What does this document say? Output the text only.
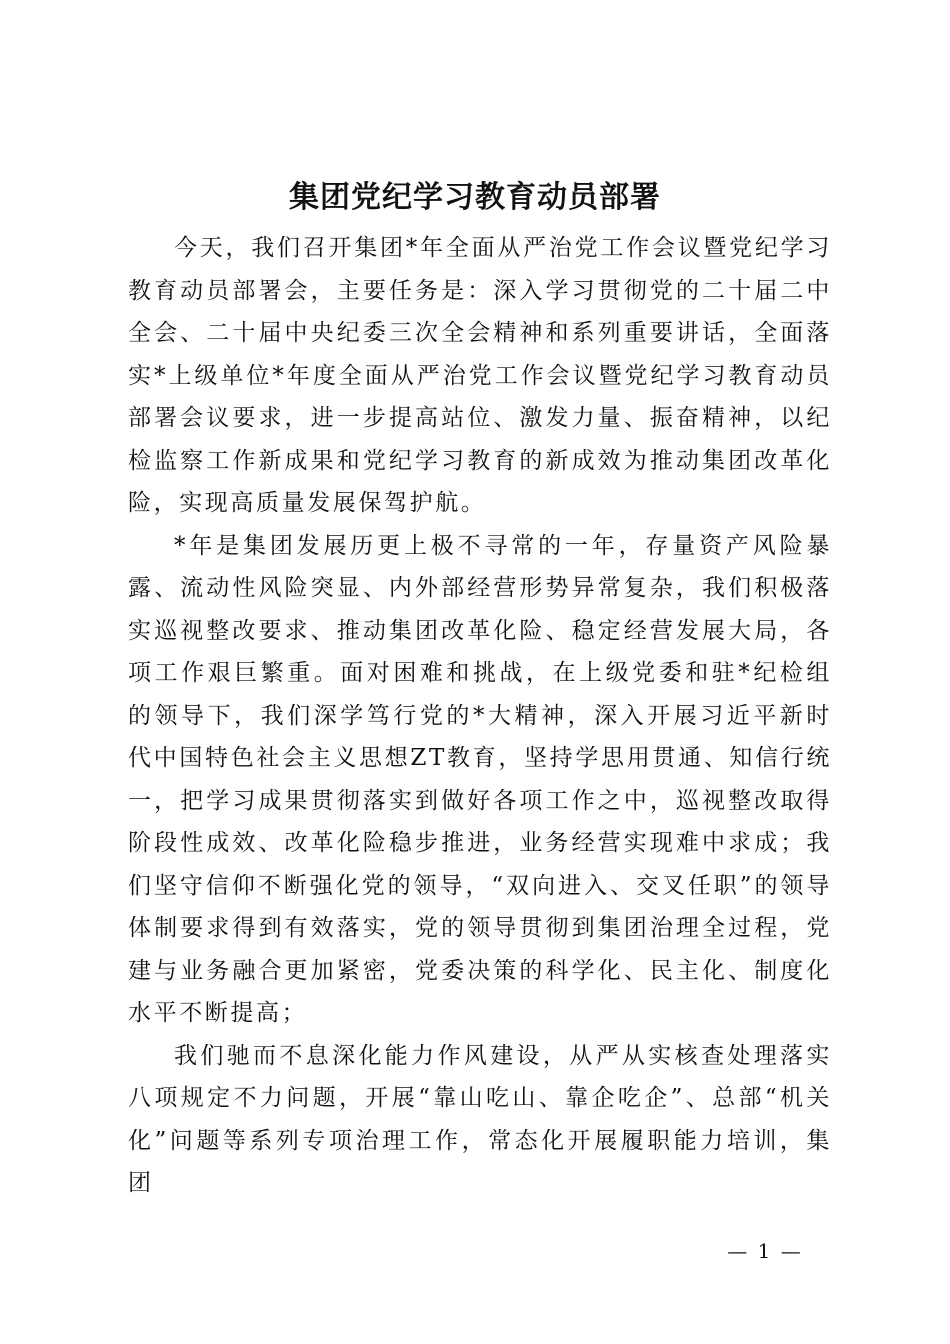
集团党纪学习教育动员部署

今天，我们召开集团*年全面从严治党工作会议暨党纪学习教育动员部署会，主要任务是：深入学习贯彻党的二十届二中全会、二十届中央纪委三次全会精神和系列重要讲话，全面落实*上级单位*年度全面从严治党工作会议暨党纪学习教育动员部署会议要求，进一步提高站位、激发力量、振奋精神，以纪检监察工作新成果和党纪学习教育的新成效为推动集团改革化险，实现高质量发展保驾护航。

*年是集团发展历更上极不寻常的一年，存量资产风险暴露、流动性风险突显、内外部经营形势异常复杂，我们积极落实巡视整改要求、推动集团改革化险、稳定经营发展大局，各项工作艰巨繁重。面对困难和挑战，在上级党委和驻*纪检组的领导下，我们深学笃行党的*大精神，深入开展习近平新时代中国特色社会主义思想ZT教育，坚持学思用贯通、知信行统一，把学习成果贯彻落实到做好各项工作之中，巡视整改取得阶段性成效、改革化险稳步推进，业务经营实现难中求成；我们坚守信仰不断强化党的领导，“双向进入、交叉任职”的领导体制要求得到有效落实，党的领导贯彻到集团治理全过程，党建与业务融合更加紧密，党委决策的科学化、民主化、制度化水平不断提高；

我们驰而不息深化能力作风建设，从严从实核查处理落实八项规定不力问题，开展“靠山吃山、靠企吃企”、总部“机关化”问题等系列专项治理工作，常态化开展履职能力培训，集团

— 1 —
